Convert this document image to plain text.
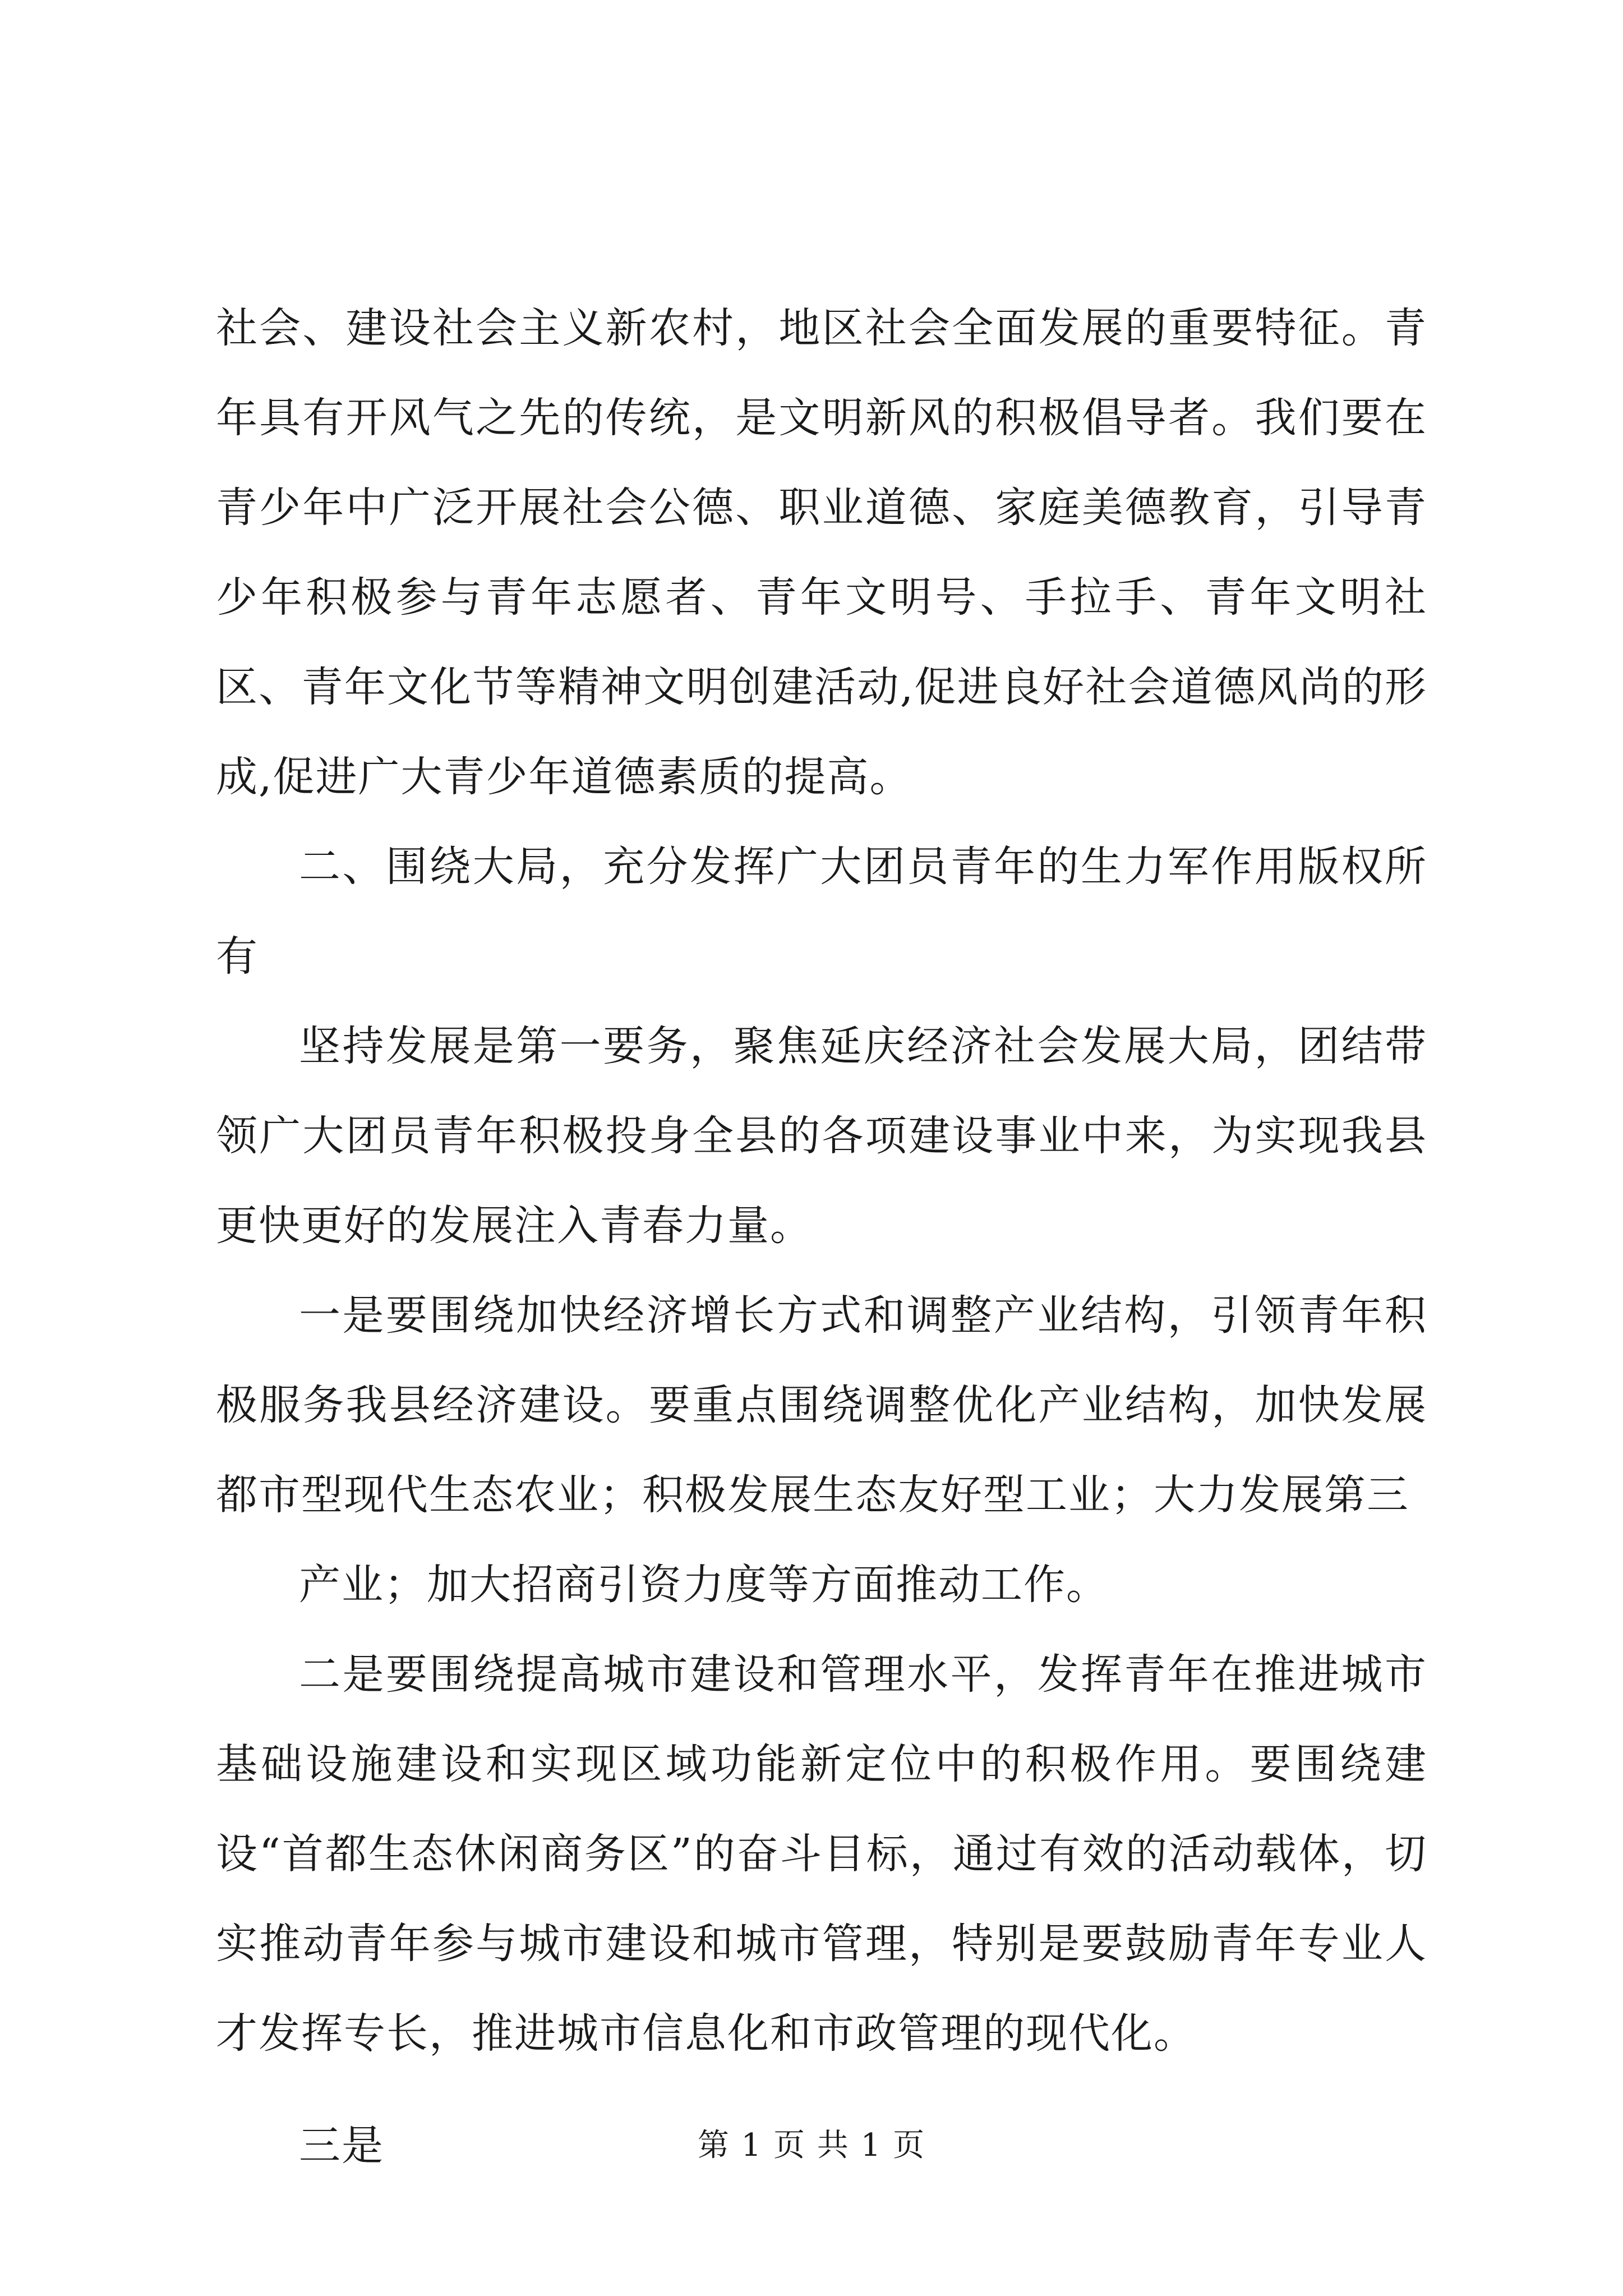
社会、建设社会主义新农村，地区社会全面发展的重要特征。青年具有开风气之先的传统，是文明新风的积极倡导者。我们要在青少年中广泛开展社会公德、职业道德、家庭美德教育，引导青少年积极参与青年志愿者、青年文明号、手拉手、青年文明社区、青年文化节等精神文明创建活动,促进良好社会道德风尚的形成,促进广大青少年道德素质的提高。

二、围绕大局，充分发挥广大团员青年的生力军作用版权所有

坚持发展是第一要务，聚焦延庆经济社会发展大局，团结带领广大团员青年积极投身全县的各项建设事业中来，为实现我县更快更好的发展注入青春力量。

一是要围绕加快经济增长方式和调整产业结构，引领青年积极服务我县经济建设。要重点围绕调整优化产业结构，加快发展都市型现代生态农业；积极发展生态友好型工业；大力发展第三

产业；加大招商引资力度等方面推动工作。

二是要围绕提高城市建设和管理水平，发挥青年在推进城市基础设施建设和实现区域功能新定位中的积极作用。要围绕建设“首都生态休闲商务区”的奋斗目标，通过有效的活动载体，切实推动青年参与城市建设和城市管理，特别是要鼓励青年专业人才发挥专长，推进城市信息化和市政管理的现代化。

三是	第 1 页 共 1 页
